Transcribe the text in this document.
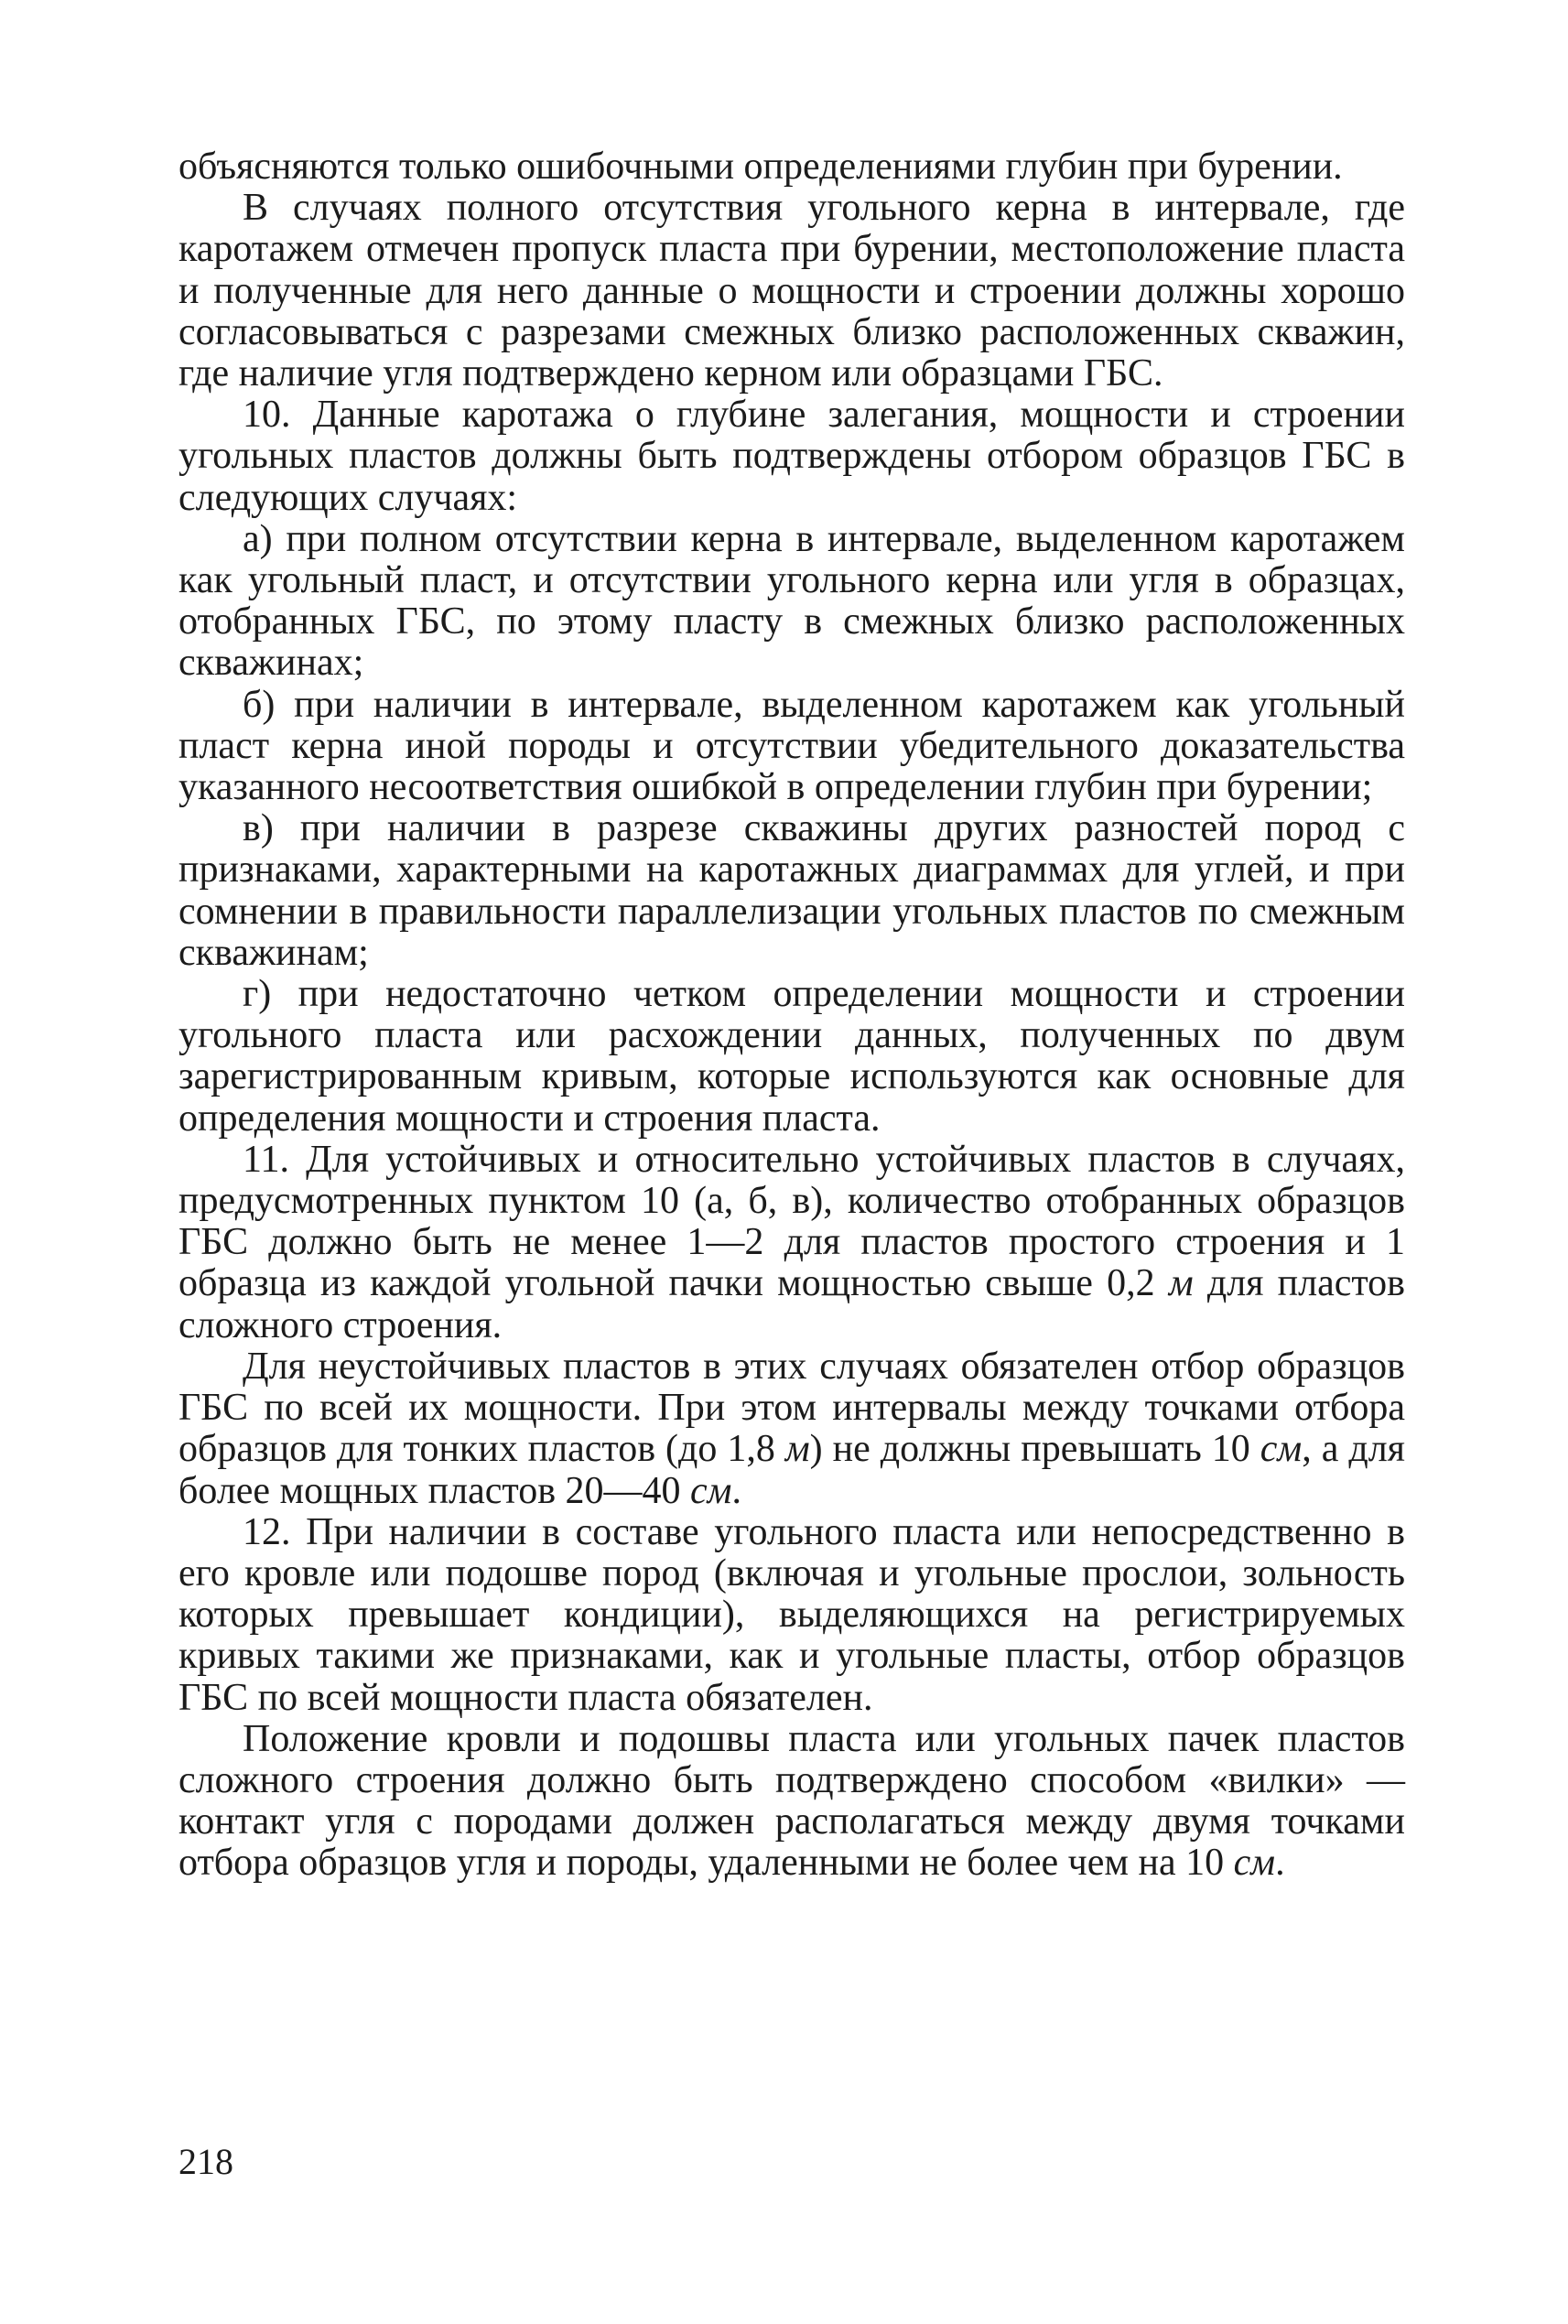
объясняются только ошибочными определениями глубин при бурении.

В случаях полного отсутствия угольного керна в интервале, где каротажем отмечен пропуск пласта при бурении, местоположение пласта и полученные для него данные о мощности и строении должны хорошо согласовываться с разрезами смежных близко расположенных скважин, где наличие угля подтверждено керном или образцами ГБС.

10. Данные каротажа о глубине залегания, мощности и строении угольных пластов должны быть подтверждены отбором образцов ГБС в следующих случаях:

а) при полном отсутствии керна в интервале, выделенном каротажем как угольный пласт, и отсутствии угольного керна или угля в образцах, отобранных ГБС, по этому пласту в смежных близко расположенных скважинах;

б) при наличии в интервале, выделенном каротажем как угольный пласт керна иной породы и отсутствии убедительного доказательства указанного несоответствия ошибкой в определении глубин при бурении;

в) при наличии в разрезе скважины других разностей пород с признаками, характерными на каротажных диаграммах для углей, и при сомнении в правильности параллелизации угольных пластов по смежным скважинам;

г) при недостаточно четком определении мощности и строении угольного пласта или расхождении данных, полученных по двум зарегистрированным кривым, которые используются как основные для определения мощности и строения пласта.

11. Для устойчивых и относительно устойчивых пластов в случаях, предусмотренных пунктом 10 (а, б, в), количество отобранных образцов ГБС должно быть не менее 1—2 для пластов простого строения и 1 образца из каждой угольной пачки мощностью свыше 0,2 м для пластов сложного строения.

Для неустойчивых пластов в этих случаях обязателен отбор образцов ГБС по всей их мощности. При этом интервалы между точками отбора образцов для тонких пластов (до 1,8 м) не должны превышать 10 см, а для более мощных пластов 20—40 см.

12. При наличии в составе угольного пласта или непосредственно в его кровле или подошве пород (включая и угольные прослои, зольность которых превышает кондиции), выделяющихся на регистрируемых кривых такими же признаками, как и угольные пласты, отбор образцов ГБС по всей мощности пласта обязателен.

Положение кровли и подошвы пласта или угольных пачек пластов сложного строения должно быть подтверждено способом «вилки» — контакт угля с породами должен располагаться между двумя точками отбора образцов угля и породы, удаленными не более чем на 10 см.

218
